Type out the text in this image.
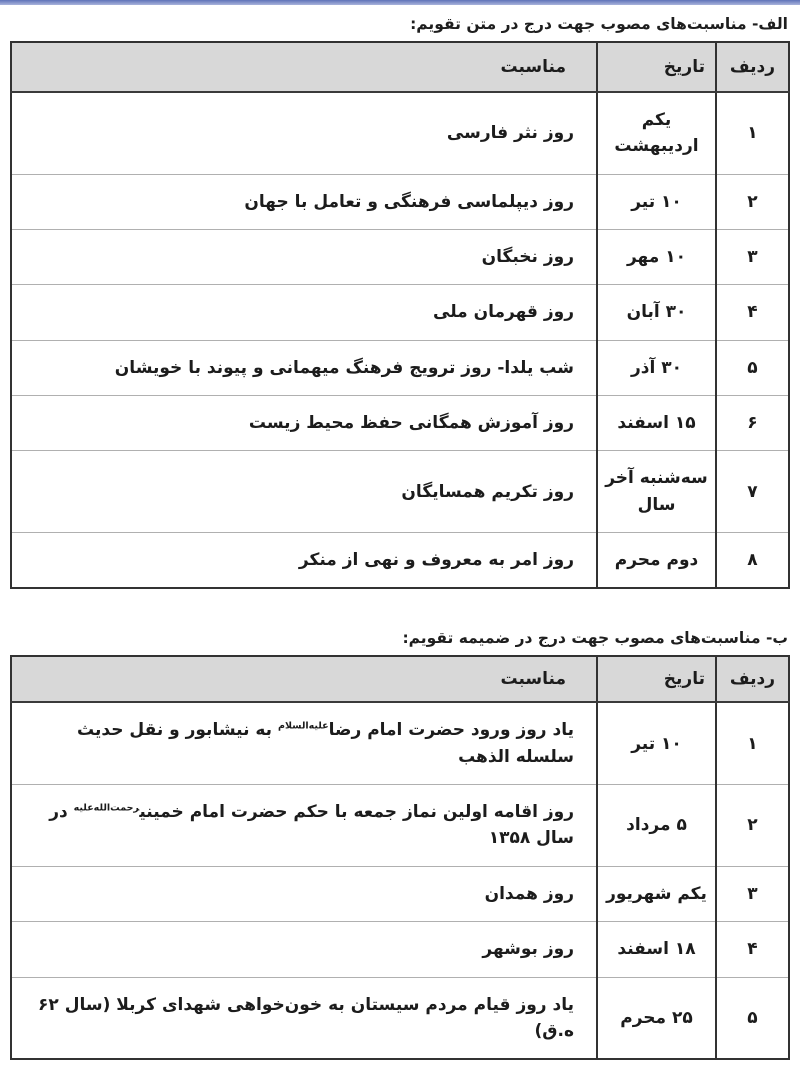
الف- مناسبت‌های مصوب جهت درج در متن تقویم:
ردیف	تاریخ	مناسبت
۱	یکم اردیبهشت	روز نثر فارسی
۲	۱۰ تیر	روز دیپلماسی فرهنگی و تعامل با جهان
۳	۱۰ مهر	روز نخبگان
۴	۳۰ آبان	روز قهرمان ملی
۵	۳۰ آذر	شب یلدا- روز ترویج فرهنگ میهمانی و پیوند با خویشان
۶	۱۵ اسفند	روز آموزش همگانی حفظ محیط زیست
۷	سه‌شنبه آخر سال	روز تکریم همسایگان
۸	دوم محرم	روز امر به معروف و نهی از منکر
ب- مناسبت‌های مصوب جهت درج در ضمیمه تقویم:
ردیف	تاریخ	مناسبت
۱	۱۰ تیر	یاد روز ورود حضرت امام رضا$^{علیه‌السلام}$ به نیشابور و نقل حدیث سلسله الذهب
۲	۵ مرداد	روز اقامه اولین نماز جمعه با حکم حضرت امام خمینی$^{رحمت‌الله‌علیه}$ در سال ۱۳۵۸
۳	یکم شهریور	روز همدان
۴	۱۸ اسفند	روز بوشهر
۵	۲۵ محرم	یاد روز قیام مردم سیستان به خون‌خواهی شهدای کربلا (سال ۶۲ ه.ق)
